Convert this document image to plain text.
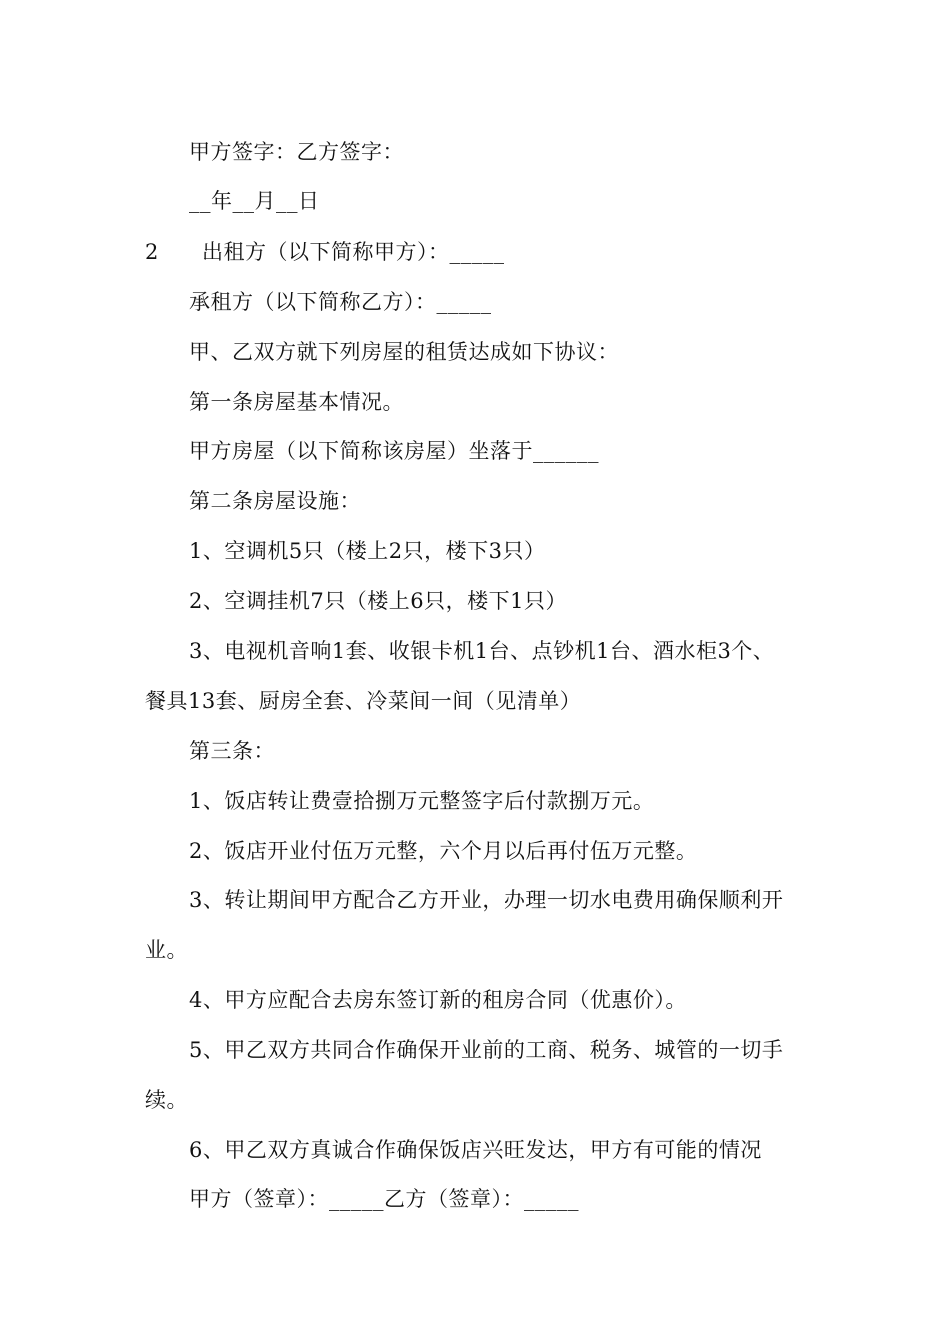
甲方签字：乙方签字：
__年__月__日
2 出租方（以下简称甲方）：_____
承租方（以下简称乙方）：_____
甲、乙双方就下列房屋的租赁达成如下协议：
第一条房屋基本情况。
甲方房屋（以下简称该房屋）坐落于______
第二条房屋设施：
1、空调机5只（楼上2只，楼下3只）
2、空调挂机7只（楼上6只，楼下1只）
3、电视机音响1套、收银卡机1台、点钞机1台、酒水柜3个、
餐具13套、厨房全套、冷菜间一间（见清单）
第三条：
1、饭店转让费壹拾捌万元整签字后付款捌万元。
2、饭店开业付伍万元整，六个月以后再付伍万元整。
3、转让期间甲方配合乙方开业，办理一切水电费用确保顺利开
业。
4、甲方应配合去房东签订新的租房合同（优惠价）。
5、甲乙双方共同合作确保开业前的工商、税务、城管的一切手
续。
6、甲乙双方真诚合作确保饭店兴旺发达，甲方有可能的情况
甲方（签章）：_____乙方（签章）：_____
